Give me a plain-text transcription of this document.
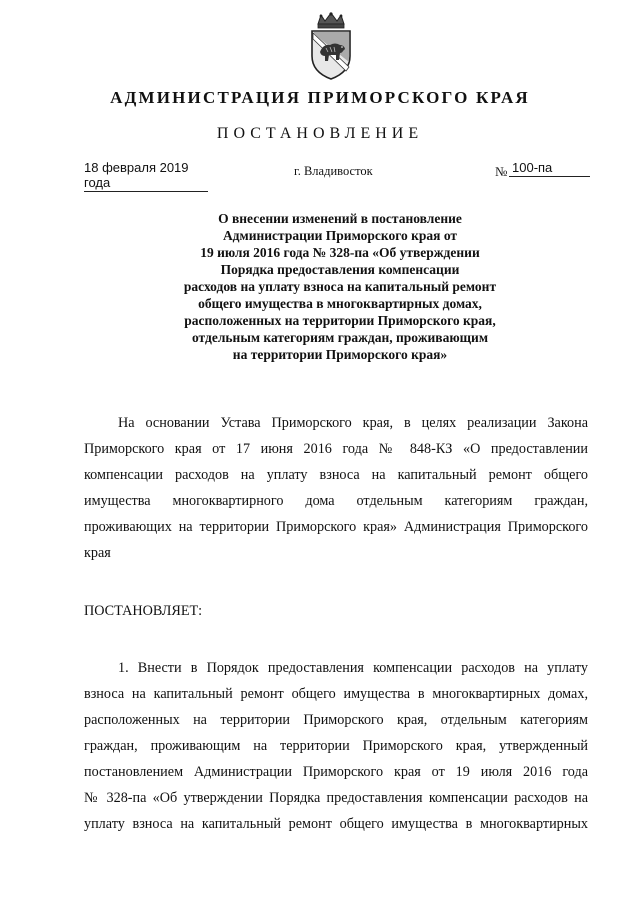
АДМИНИСТРАЦИЯ ПРИМОРСКОГО КРАЯ
ПОСТАНОВЛЕНИЕ
18 февраля 2019 года
г. Владивосток	№ 100-па
О внесении изменений в постановление
Администрации Приморского края от
19 июля 2016 года № 328-па «Об утверждении
Порядка предоставления компенсации
расходов на уплату взноса на капитальный ремонт
общего имущества в многоквартирных домах,
расположенных на территории Приморского края,
отдельным категориям граждан, проживающим
на территории Приморского края»
На основании Устава Приморского края, в целях реализации Закона
Приморского края от 17 июня 2016 года № 848-КЗ «О предоставлении
компенсации расходов на уплату взноса на капитальный ремонт общего
имущества многоквартирного дома отдельным категориям граждан,
проживающих на территории Приморского края» Администрация Приморского
края
ПОСТАНОВЛЯЕТ:
1. Внести в Порядок предоставления компенсации расходов на уплату
взноса на капитальный ремонт общего имущества в многоквартирных домах,
расположенных на территории Приморского края, отдельным категориям
граждан, проживающим на территории Приморского края, утвержденный
постановлением Администрации Приморского края от 19 июля 2016 года
№ 328-па «Об утверждении Порядка предоставления компенсации расходов на
уплату взноса на капитальный ремонт общего имущества в многоквартирных
